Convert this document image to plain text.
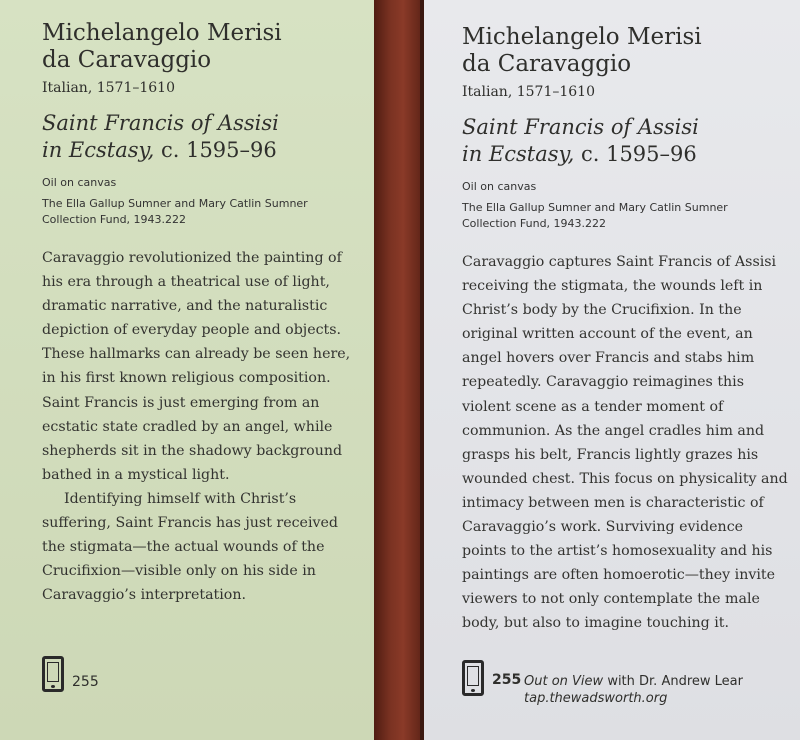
Michelangelo Merisi
da Caravaggio

Italian, 1571–1610

Saint Francis of Assisi
in Ecstasy, c. 1595–96

Oil on canvas

The Ella Gallup Sumner and Mary Catlin Sumner Collection Fund, 1943.222

Caravaggio revolutionized the painting of his era through a theatrical use of light, dramatic narrative, and the naturalistic depiction of everyday people and objects. These hallmarks can already be seen here, in his first known religious composition. Saint Francis is just emerging from an ecstatic state cradled by an angel, while shepherds sit in the shadowy background bathed in a mystical light.

Identifying himself with Christ’s suffering, Saint Francis has just received the stigmata—the actual wounds of the Crucifixion—visible only on his side in Caravaggio’s interpretation.

255
Michelangelo Merisi
da Caravaggio

Italian, 1571–1610

Saint Francis of Assisi
in Ecstasy, c. 1595–96

Oil on canvas

The Ella Gallup Sumner and Mary Catlin Sumner Collection Fund, 1943.222

Caravaggio captures Saint Francis of Assisi receiving the stigmata, the wounds left in Christ’s body by the Crucifixion. In the original written account of the event, an angel hovers over Francis and stabs him repeatedly. Caravaggio reimagines this violent scene as a tender moment of communion. As the angel cradles him and grasps his belt, Francis lightly grazes his wounded chest. This focus on physicality and intimacy between men is characteristic of Caravaggio’s work. Surviving evidence points to the artist’s homosexuality and his paintings are often homoerotic—they invite viewers to not only contemplate the male body, but also to imagine touching it.

255 Out on View with Dr. Andrew Lear
tap.thewadsworth.org
